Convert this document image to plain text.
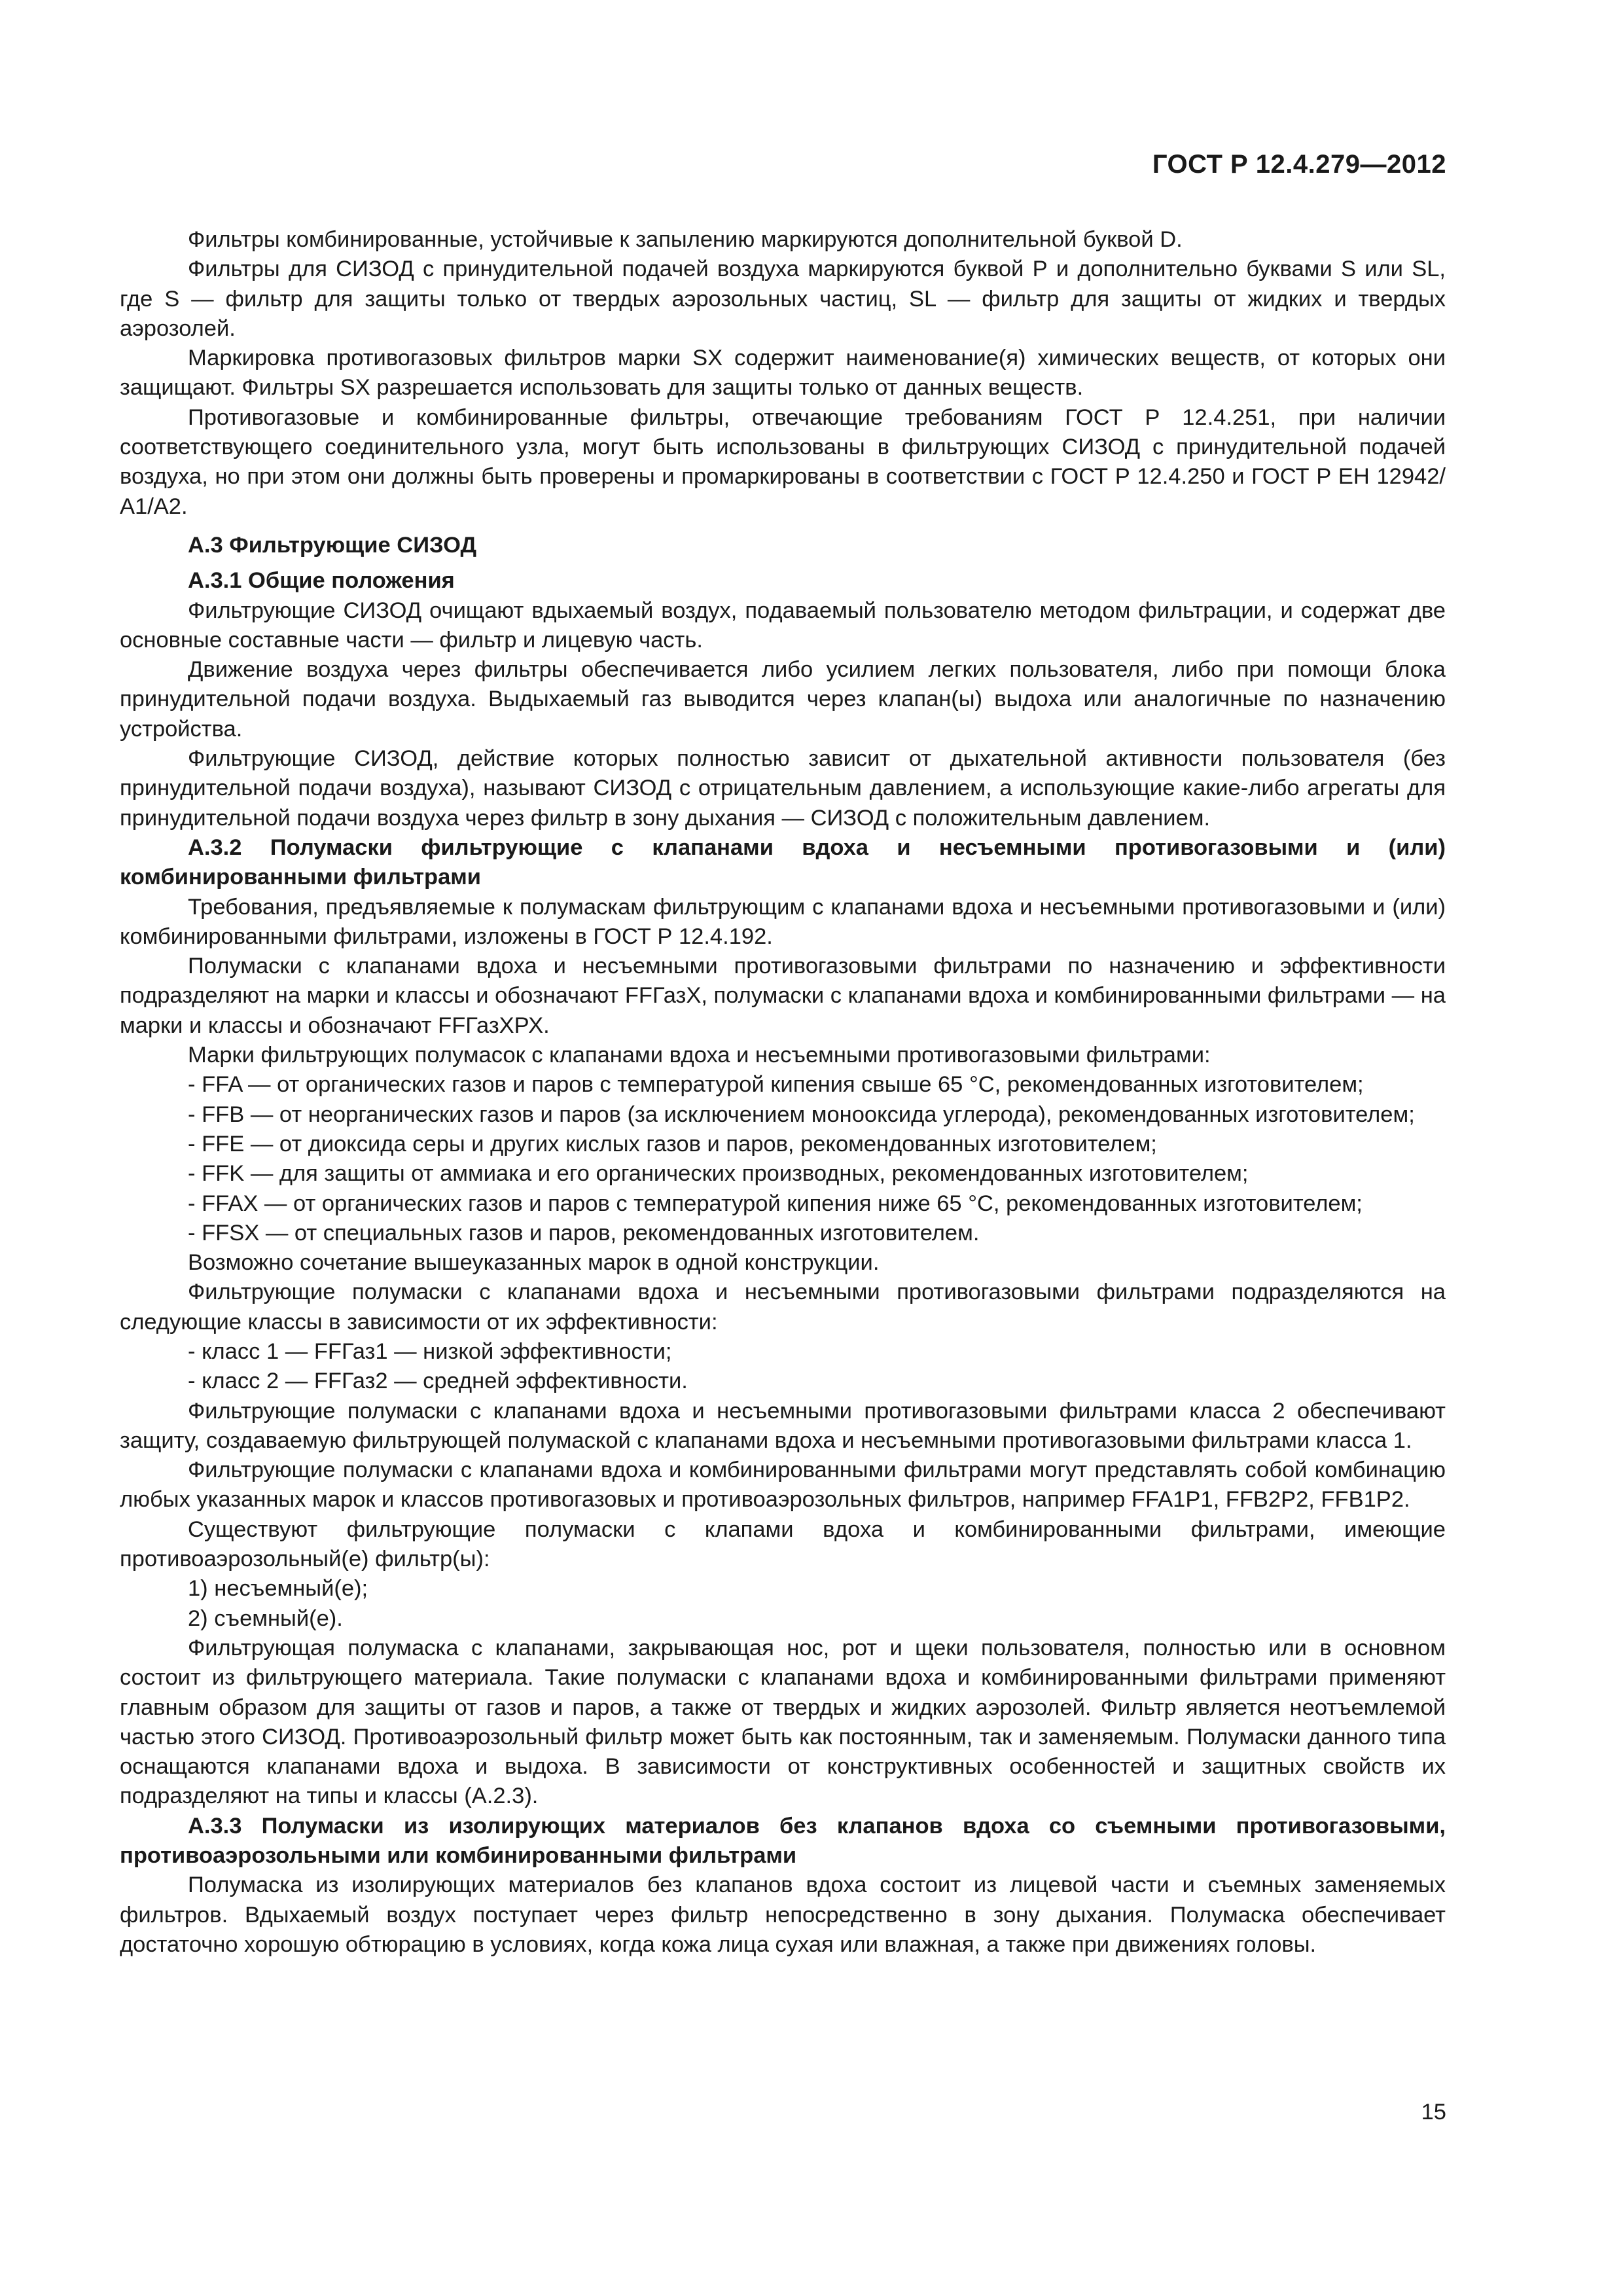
ГОСТ Р 12.4.279—2012

Фильтры комбинированные, устойчивые к запылению маркируются дополнительной буквой D.

Фильтры для СИЗОД с принудительной подачей воздуха маркируются буквой Р и дополнительно буквами S или SL, где S — фильтр для защиты только от твердых аэрозольных частиц, SL — фильтр для защиты от жидких и твердых аэрозолей.

Маркировка противогазовых фильтров марки SX содержит наименование(я) химических веществ, от которых они защищают. Фильтры SX разрешается использовать для защиты только от данных веществ.

Противогазовые и комбинированные фильтры, отвечающие требованиям ГОСТ Р 12.4.251, при наличии соответствующего соединительного узла, могут быть использованы в фильтрующих СИЗОД с принудительной подачей воздуха, но при этом они должны быть проверены и промаркированы в соответствии с ГОСТ Р 12.4.250 и ГОСТ Р ЕН 12942/А1/А2.

А.3 Фильтрующие СИЗОД

А.3.1 Общие положения

Фильтрующие СИЗОД очищают вдыхаемый воздух, подаваемый пользователю методом фильтрации, и содержат две основные составные части — фильтр и лицевую часть.

Движение воздуха через фильтры обеспечивается либо усилием легких пользователя, либо при помощи блока принудительной подачи воздуха. Выдыхаемый газ выводится через клапан(ы) выдоха или аналогичные по назначению устройства.

Фильтрующие СИЗОД, действие которых полностью зависит от дыхательной активности пользователя (без принудительной подачи воздуха), называют СИЗОД с отрицательным давлением, а использующие какие-либо агрегаты для принудительной подачи воздуха через фильтр в зону дыхания — СИЗОД с положительным давлением.

А.3.2 Полумаски фильтрующие с клапанами вдоха и несъемными противогазовыми и (или) комбинированными фильтрами

Требования, предъявляемые к полумаскам фильтрующим с клапанами вдоха и несъемными противогазовыми и (или) комбинированными фильтрами, изложены в ГОСТ Р 12.4.192.

Полумаски с клапанами вдоха и несъемными противогазовыми фильтрами по назначению и эффективности подразделяют на марки и классы и обозначают FFГазХ, полумаски с клапанами вдоха и комбинированными фильтрами — на марки и классы и обозначают FFГазХРХ.

Марки фильтрующих полумасок с клапанами вдоха и несъемными противогазовыми фильтрами:

- FFA — от органических газов и паров с температурой кипения свыше 65 °С, рекомендованных изготовителем;

- FFB — от неорганических газов и паров (за исключением монооксида углерода), рекомендованных изготовителем;

- FFE — от диоксида серы и других кислых газов и паров, рекомендованных изготовителем;

- FFK — для защиты от аммиака и его органических производных, рекомендованных изготовителем;

- FFAX — от органических газов и паров с температурой кипения ниже 65 °С, рекомендованных изготовителем;

- FFSX — от специальных газов и паров, рекомендованных изготовителем.

Возможно сочетание вышеуказанных марок в одной конструкции.

Фильтрующие полумаски с клапанами вдоха и несъемными противогазовыми фильтрами подразделяются на следующие классы в зависимости от их эффективности:

- класс 1 — FFГаз1 — низкой эффективности;

- класс 2 — FFГаз2 — средней эффективности.

Фильтрующие полумаски с клапанами вдоха и несъемными противогазовыми фильтрами класса 2 обеспечивают защиту, создаваемую фильтрующей полумаской с клапанами вдоха и несъемными противогазовыми фильтрами класса 1.

Фильтрующие полумаски с клапанами вдоха и комбинированными фильтрами могут представлять собой комбинацию любых указанных марок и классов противогазовых и противоаэрозольных фильтров, например FFA1P1, FFB2P2, FFB1P2.

Существуют фильтрующие полумаски с клапами вдоха и комбинированными фильтрами, имеющие противоаэрозольный(е) фильтр(ы):

1) несъемный(е);

2) съемный(е).

Фильтрующая полумаска с клапанами, закрывающая нос, рот и щеки пользователя, полностью или в основном состоит из фильтрующего материала. Такие полумаски с клапанами вдоха и комбинированными фильтрами применяют главным образом для защиты от газов и паров, а также от твердых и жидких аэрозолей. Фильтр является неотъемлемой частью этого СИЗОД. Противоаэрозольный фильтр может быть как постоянным, так и заменяемым. Полумаски данного типа оснащаются клапанами вдоха и выдоха. В зависимости от конструктивных особенностей и защитных свойств их подразделяют на типы и классы (А.2.3).

А.3.3 Полумаски из изолирующих материалов без клапанов вдоха со съемными противогазовыми, противоаэрозольными или комбинированными фильтрами

Полумаска из изолирующих материалов без клапанов вдоха состоит из лицевой части и съемных заменяемых фильтров. Вдыхаемый воздух поступает через фильтр непосредственно в зону дыхания. Полумаска обеспечивает достаточно хорошую обтюрацию в условиях, когда кожа лица сухая или влажная, а также при движениях головы.

15
